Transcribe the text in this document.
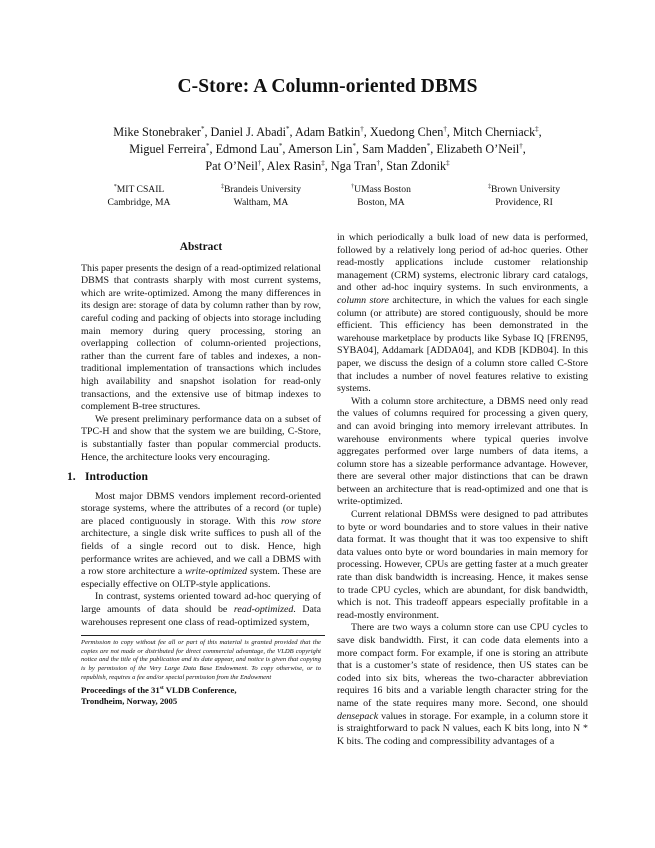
C-Store: A Column-oriented DBMS
Mike Stonebraker*, Daniel J. Abadi*, Adam Batkin†, Xuedong Chen†, Mitch Cherniack‡,
Miguel Ferreira*, Edmond Lau*, Amerson Lin*, Sam Madden*, Elizabeth O’Neil†,
Pat O’Neil†, Alex Rasin‡, Nga Tran†, Stan Zdonik‡
*MIT CSAIL
Cambridge, MA
‡Brandeis University
Waltham, MA
†UMass Boston
Boston, MA
‡Brown University
Providence, RI
Abstract

This paper presents the design of a read-optimized relational DBMS that contrasts sharply with most current systems, which are write-optimized. Among the many differences in its design are: storage of data by column rather than by row, careful coding and packing of objects into storage including main memory during query processing, storing an overlapping collection of column-oriented projections, rather than the current fare of tables and indexes, a non-traditional implementation of transactions which includes high availability and snapshot isolation for read-only transactions, and the extensive use of bitmap indexes to complement B-tree structures.

We present preliminary performance data on a subset of TPC-H and show that the system we are building, C-Store, is substantially faster than popular commercial products. Hence, the architecture looks very encouraging.

1. Introduction

Most major DBMS vendors implement record-oriented storage systems, where the attributes of a record (or tuple) are placed contiguously in storage. With this row store architecture, a single disk write suffices to push all of the fields of a single record out to disk. Hence, high performance writes are achieved, and we call a DBMS with a row store architecture a write-optimized system. These are especially effective on OLTP-style applications.

In contrast, systems oriented toward ad-hoc querying of large amounts of data should be read-optimized. Data warehouses represent one class of read-optimized system,

Permission to copy without fee all or part of this material is granted provided that the copies are not made or distributed for direct commercial advantage, the VLDB copyright notice and the title of the publication and its date appear, and notice is given that copying is by permission of the Very Large Data Base Endowment. To copy otherwise, or to republish, requires a fee and/or special permission from the Endowment
Proceedings of the 31st VLDB Conference,
Trondheim, Norway, 2005

in which periodically a bulk load of new data is performed, followed by a relatively long period of ad-hoc queries. Other read-mostly applications include customer relationship management (CRM) systems, electronic library card catalogs, and other ad-hoc inquiry systems. In such environments, a column store architecture, in which the values for each single column (or attribute) are stored contiguously, should be more efficient. This efficiency has been demonstrated in the warehouse marketplace by products like Sybase IQ [FREN95, SYBA04], Addamark [ADDA04], and KDB [KDB04]. In this paper, we discuss the design of a column store called C-Store that includes a number of novel features relative to existing systems.

With a column store architecture, a DBMS need only read the values of columns required for processing a given query, and can avoid bringing into memory irrelevant attributes. In warehouse environments where typical queries involve aggregates performed over large numbers of data items, a column store has a sizeable performance advantage. However, there are several other major distinctions that can be drawn between an architecture that is read-optimized and one that is write-optimized.

Current relational DBMSs were designed to pad attributes to byte or word boundaries and to store values in their native data format. It was thought that it was too expensive to shift data values onto byte or word boundaries in main memory for processing. However, CPUs are getting faster at a much greater rate than disk bandwidth is increasing. Hence, it makes sense to trade CPU cycles, which are abundant, for disk bandwidth, which is not. This tradeoff appears especially profitable in a read-mostly environment.

There are two ways a column store can use CPU cycles to save disk bandwidth. First, it can code data elements into a more compact form. For example, if one is storing an attribute that is a customer’s state of residence, then US states can be coded into six bits, whereas the two-character abbreviation requires 16 bits and a variable length character string for the name of the state requires many more. Second, one should densepack values in storage. For example, in a column store it is straightforward to pack N values, each K bits long, into N * K bits. The coding and compressibility advantages of a
